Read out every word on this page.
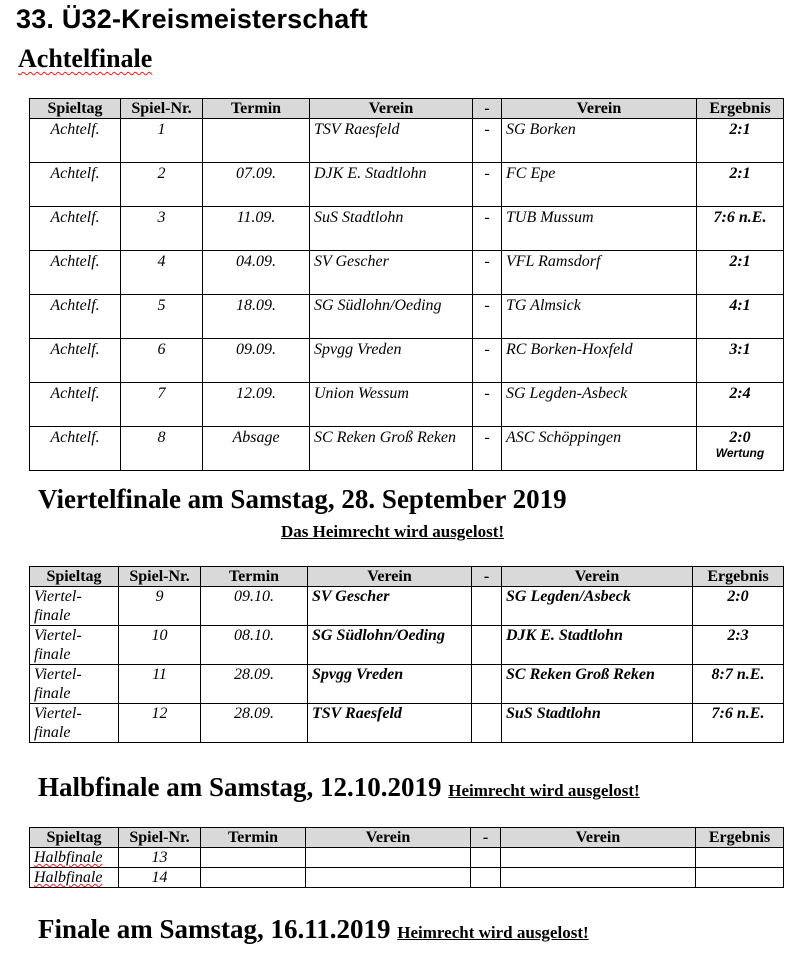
33. Ü32-Kreismeisterschaft
Achtelfinale
Spieltag	Spiel-Nr.	Termin	Verein	-	Verein	Ergebnis
Achtelf.	1		TSV Raesfeld	-	SG Borken	2:1
Achtelf.	2	07.09.	DJK E. Stadtlohn	-	FC Epe	2:1
Achtelf.	3	11.09.	SuS Stadtlohn	-	TUB Mussum	7:6 n.E.
Achtelf.	4	04.09.	SV Gescher	-	VFL Ramsdorf	2:1
Achtelf.	5	18.09.	SG Südlohn/Oeding	-	TG Almsick	4:1
Achtelf.	6	09.09.	Spvgg Vreden	-	RC Borken-Hoxfeld	3:1
Achtelf.	7	12.09.	Union Wessum	-	SG Legden-Asbeck	2:4
Achtelf.	8	Absage	SC Reken Groß Reken	-	ASC Schöppingen	2:0
Wertung
Viertelfinale am Samstag, 28. September 2019
Das Heimrecht wird ausgelost!
Spieltag	Spiel-Nr.	Termin	Verein	-	Verein	Ergebnis
Viertel-finale	9	09.10.	SV Gescher		SG Legden/Asbeck	2:0
Viertel-finale	10	08.10.	SG Südlohn/Oeding		DJK E. Stadtlohn	2:3
Viertel-finale	11	28.09.	Spvgg Vreden		SC Reken Groß Reken	8:7 n.E.
Viertel-finale	12	28.09.	TSV Raesfeld		SuS Stadtlohn	7:6 n.E.
Halbfinale am Samstag, 12.10.2019 Heimrecht wird ausgelost!
Spieltag	Spiel-Nr.	Termin	Verein	-	Verein	Ergebnis
Halbfinale	13					
Halbfinale	14					
Finale am Samstag, 16.11.2019 Heimrecht wird ausgelost!
